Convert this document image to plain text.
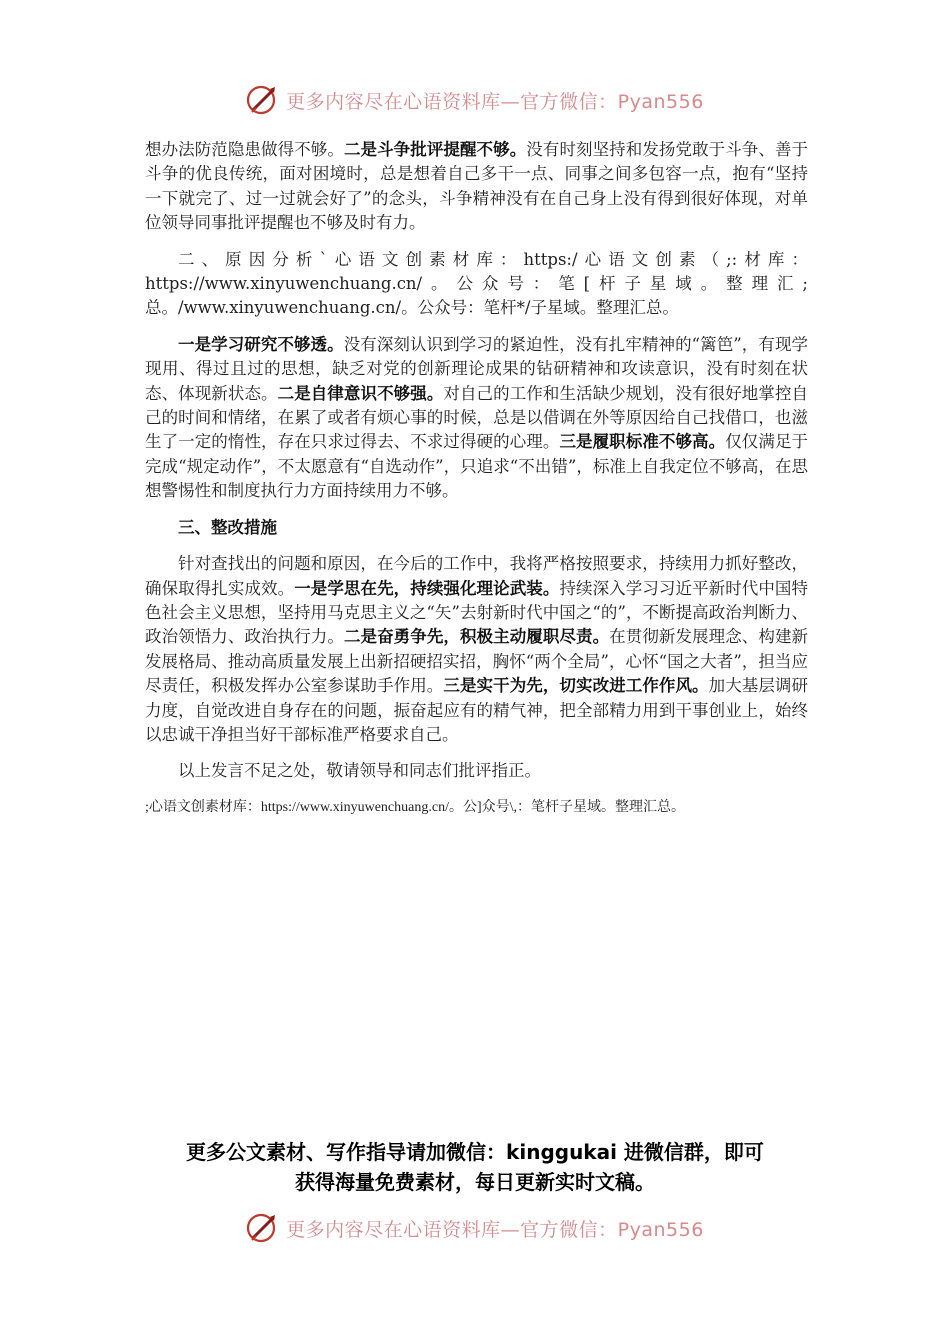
更多内容尽在心语资料库—官方微信：Pyan556

想办法防范隐患做得不够。二是斗争批评提醒不够。没有时刻坚持和发扬党敢于斗争、善于斗争的优良传统，面对困境时，总是想着自己多干一点、同事之间多包容一点，抱有“坚持一下就完了、过一过就会好了”的念头，斗争精神没有在自己身上没有得到很好体现，对单位领导同事批评提醒也不够及时有力。

二、原因分析`心语文创素材库：https:/心语文创素（;:材库：https://www.xinyuwenchuang.cn/。公众号：笔[杆子星域。整理汇;总。/www.xinyuwenchuang.cn/。公众号：笔杆*/子星域。整理汇总。

一是学习研究不够透。没有深刻认识到学习的紧迫性，没有扎牢精神的“篱笆”，有现学现用、得过且过的思想，缺乏对党的创新理论成果的钻研精神和攻读意识，没有时刻在状态、体现新状态。二是自律意识不够强。对自己的工作和生活缺少规划，没有很好地掌控自己的时间和情绪，在累了或者有烦心事的时候，总是以借调在外等原因给自己找借口，也滋生了一定的惰性，存在只求过得去、不求过得硬的心理。三是履职标准不够高。仅仅满足于完成“规定动作”，不太愿意有“自选动作”，只追求“不出错”，标准上自我定位不够高，在思想警惕性和制度执行力方面持续用力不够。

三、整改措施

针对查找出的问题和原因，在今后的工作中，我将严格按照要求，持续用力抓好整改，确保取得扎实成效。一是学思在先，持续强化理论武装。持续深入学习习近平新时代中国特色社会主义思想，坚持用马克思主义之“矢”去射新时代中国之“的”，不断提高政治判断力、政治领悟力、政治执行力。二是奋勇争先，积极主动履职尽责。在贯彻新发展理念、构建新发展格局、推动高质量发展上出新招硬招实招，胸怀“两个全局”，心怀“国之大者”，担当应尽责任，积极发挥办公室参谋助手作用。三是实干为先，切实改进工作作风。加大基层调研力度，自觉改进自身存在的问题，振奋起应有的精气神，把全部精力用到干事创业上，始终以忠诚干净担当好干部标准严格要求自己。

以上发言不足之处，敬请领导和同志们批评指正。

;心语文创素材库：https://www.xinyuwenchuang.cn/。公]众号\,：笔杆子星域。整理汇总。

更多公文素材、写作指导请加微信：kinggukai 进微信群，即可
获得海量免费素材，每日更新实时文稿。
更多内容尽在心语资料库—官方微信：Pyan556
